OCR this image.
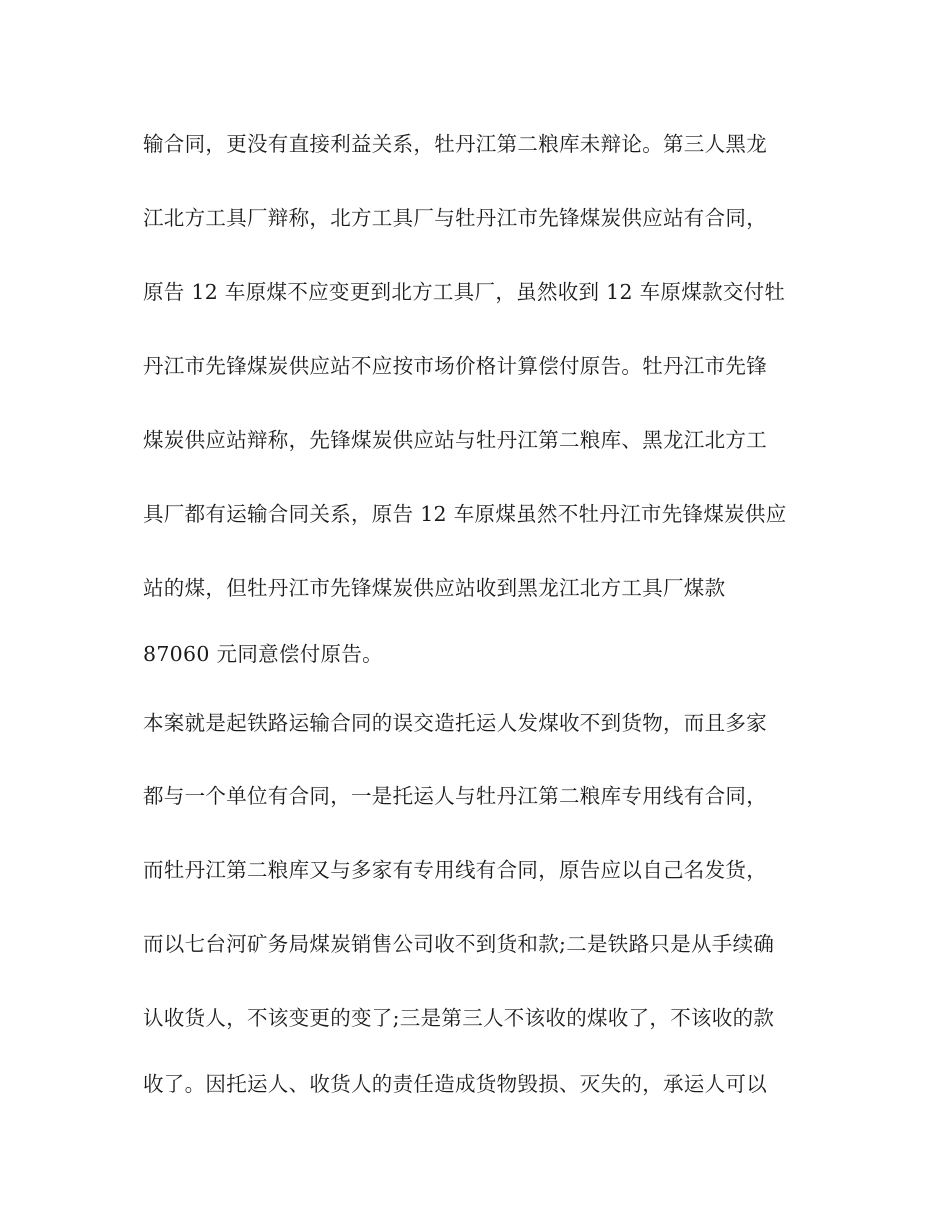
输合同，更没有直接利益关系，牡丹江第二粮库未辩论。第三人黑龙
江北方工具厂辩称，北方工具厂与牡丹江市先锋煤炭供应站有合同，
原告 12 车原煤不应变更到北方工具厂，虽然收到 12 车原煤款交付牡
丹江市先锋煤炭供应站不应按市场价格计算偿付原告。牡丹江市先锋
煤炭供应站辩称，先锋煤炭供应站与牡丹江第二粮库、黑龙江北方工
具厂都有运输合同关系，原告 12 车原煤虽然不牡丹江市先锋煤炭供应
站的煤，但牡丹江市先锋煤炭供应站收到黑龙江北方工具厂煤款
87060 元同意偿付原告。
本案就是起铁路运输合同的误交造托运人发煤收不到货物，而且多家
都与一个单位有合同，一是托运人与牡丹江第二粮库专用线有合同，
而牡丹江第二粮库又与多家有专用线有合同，原告应以自己名发货，
而以七台河矿务局煤炭销售公司收不到货和款;二是铁路只是从手续确
认收货人，不该变更的变了;三是第三人不该收的煤收了，不该收的款
收了。因托运人、收货人的责任造成货物毁损、灭失的，承运人可以
